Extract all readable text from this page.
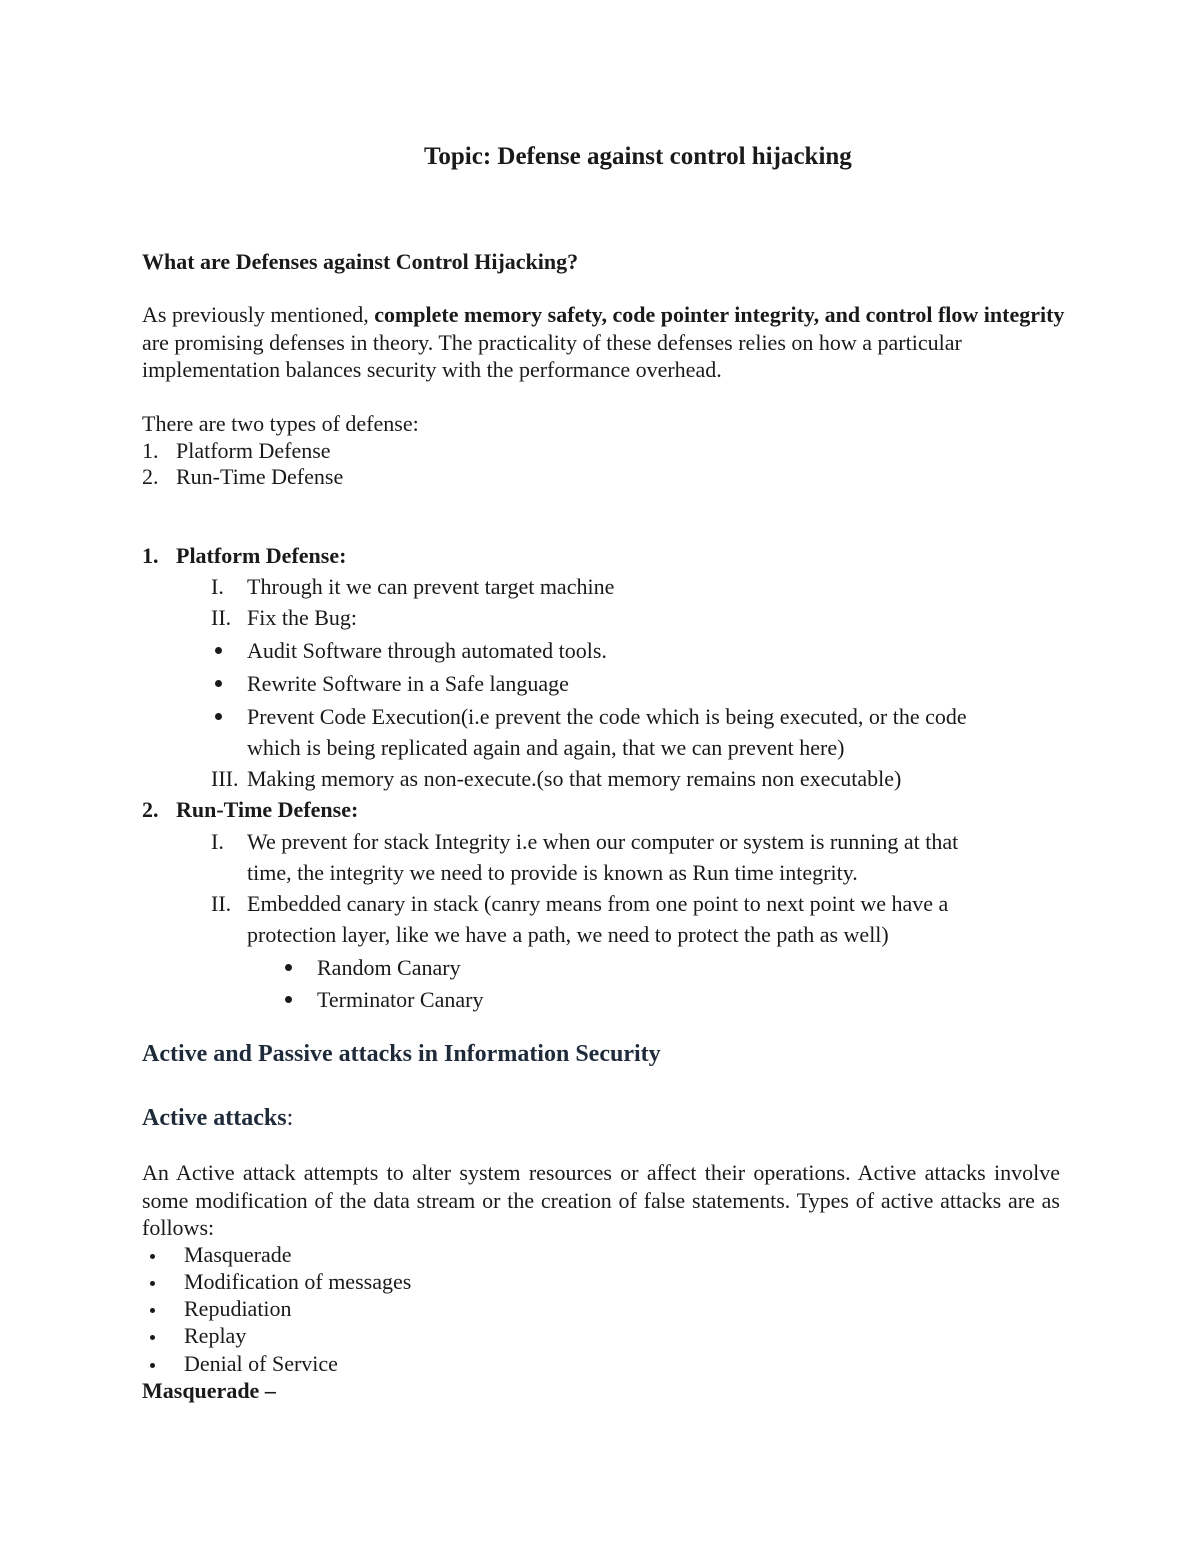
Topic: Defense against control hijacking
What are Defenses against Control Hijacking?
As previously mentioned, complete memory safety, code pointer integrity, and control flow integrity are promising defenses in theory. The practicality of these defenses relies on how a particular implementation balances security with the performance overhead.
There are two types of defense:
1. Platform Defense
2. Run-Time Defense
1. Platform Defense:
I. Through it we can prevent target machine
II. Fix the Bug:
Audit Software through automated tools.
Rewrite Software in a Safe language
Prevent Code Execution(i.e prevent the code which is being executed, or the code
which is being replicated again and again, that we can prevent here)
III. Making memory as non-execute.(so that memory remains non executable)
2. Run-Time Defense:
I. We prevent for stack Integrity i.e when our computer or system is running at that
time, the integrity we need to provide is known as Run time integrity.
II. Embedded canary in stack (canry means from one point to next point we have a
protection layer, like we have a path, we need to protect the path as well)
Random Canary
Terminator Canary
Active and Passive attacks in Information Security
Active attacks:
An Active attack attempts to alter system resources or affect their operations. Active attacks involve some modification of the data stream or the creation of false statements. Types of active attacks are as follows:
Masquerade
Modification of messages
Repudiation
Replay
Denial of Service
Masquerade –
